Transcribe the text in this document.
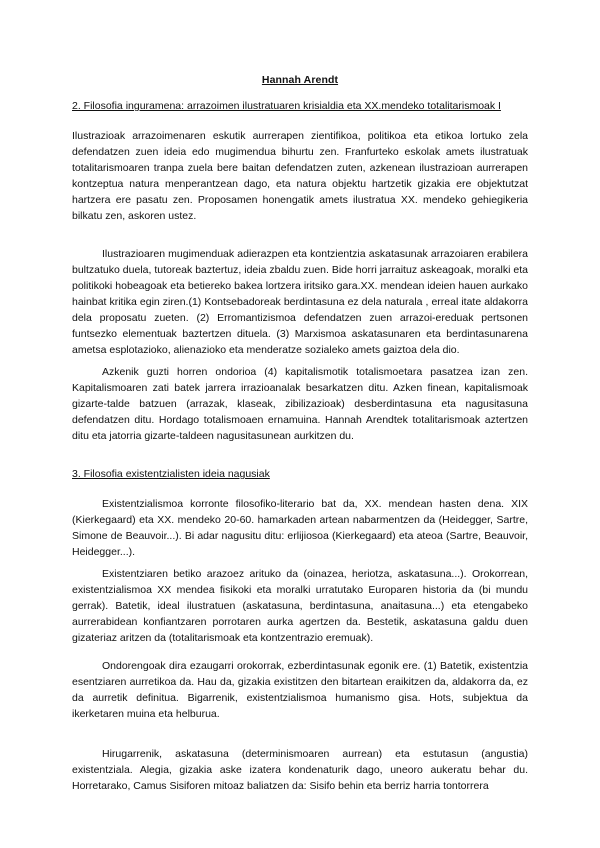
Hannah Arendt
2. Filosofia inguramena: arrazoimen ilustratuaren krisialdia eta XX.mendeko totalitarismoak I

Ilustrazioak arrazoimenaren eskutik aurrerapen zientifikoa, politikoa eta etikoa lortuko zela defendatzen zuen ideia edo mugimendua bihurtu zen. Franfurteko eskolak amets ilustratuak totalitarismoaren tranpa zuela bere baitan defendatzen zuten, azkenean ilustrazioan aurrerapen kontzeptua natura menperantzean dago, eta natura objektu hartzetik gizakia ere objektutzat hartzera ere pasatu zen. Proposamen honengatik amets ilustratua XX. mendeko gehiegikeria bilkatu zen, askoren ustez.

Ilustrazioaren mugimenduak adierazpen eta kontzientzia askatasunak arrazoiaren erabilera bultzatuko duela, tutoreak baztertuz, ideia zbaldu zuen. Bide horri jarraituz askeagoak, moralki eta politikoki hobeagoak eta betiereko bakea lortzera iritsiko gara.XX. mendean ideien hauen aurkako hainbat kritika egin ziren.(1) Kontsebadoreak berdintasuna ez dela naturala , erreal itate aldakorra dela proposatu zueten. (2) Erromantizismoa defendatzen zuen arrazoi-ereduak pertsonen funtsezko elementuak baztertzen dituela. (3) Marxismoa askatasunaren eta berdintasunarena ametsa esplotazioko, alienazioko eta menderatze sozialeko amets gaiztoa dela dio.

Azkenik guzti horren ondorioa (4) kapitalismotik totalismoetara pasatzea izan zen. Kapitalismoaren zati batek jarrera irrazioanalak besarkatzen ditu. Azken finean, kapitalismoak gizarte-talde batzuen (arrazak, klaseak, zibilizazioak) desberdintasuna eta nagusitasuna defendatzen ditu. Hordago totalismoaen ernamuina. Hannah Arendtek totalitarismoak aztertzen ditu eta jatorria gizarte-taldeen nagusitasunean aurkitzen du.

3. Filosofia existentzialisten ideia nagusiak

Existentzialismoa korronte filosofiko-literario bat da, XX. mendean hasten dena. XIX (Kierkegaard) eta XX. mendeko 20-60. hamarkaden artean nabarmentzen da (Heidegger, Sartre, Simone de Beauvoir...). Bi adar nagusitu ditu: erlijiosoa (Kierkegaard) eta ateoa (Sartre, Beauvoir, Heidegger...).

Existentziaren betiko arazoez arituko da (oinazea, heriotza, askatasuna...). Orokorrean, existentzialismoa XX mendea fisikoki eta moralki urratutako Europaren historia da (bi mundu gerrak). Batetik, ideal ilustratuen (askatasuna, berdintasuna, anaitasuna...) eta etengabeko aurrerabidean konfiantzaren porrotaren aurka agertzen da. Bestetik, askatasuna galdu duen gizateriaz aritzen da (totalitarismoak eta kontzentrazio eremuak).

Ondorengoak dira ezaugarri orokorrak, ezberdintasunak egonik ere. (1) Batetik, existentzia esentziaren aurretikoa da. Hau da, gizakia existitzen den bitartean eraikitzen da, aldakorra da, ez da aurretik definitua. Bigarrenik, existentzialismoa humanismo gisa. Hots, subjektua da ikerketaren muina eta helburua.

Hirugarrenik, askatasuna (determinismoaren aurrean) eta estutasun (angustia) existentziala. Alegia, gizakia aske izatera kondenaturik dago, uneoro aukeratu behar du. Horretarako, Camus Sisiforen mitoaz baliatzen da: Sisifo behin eta berriz harria tontorrera
